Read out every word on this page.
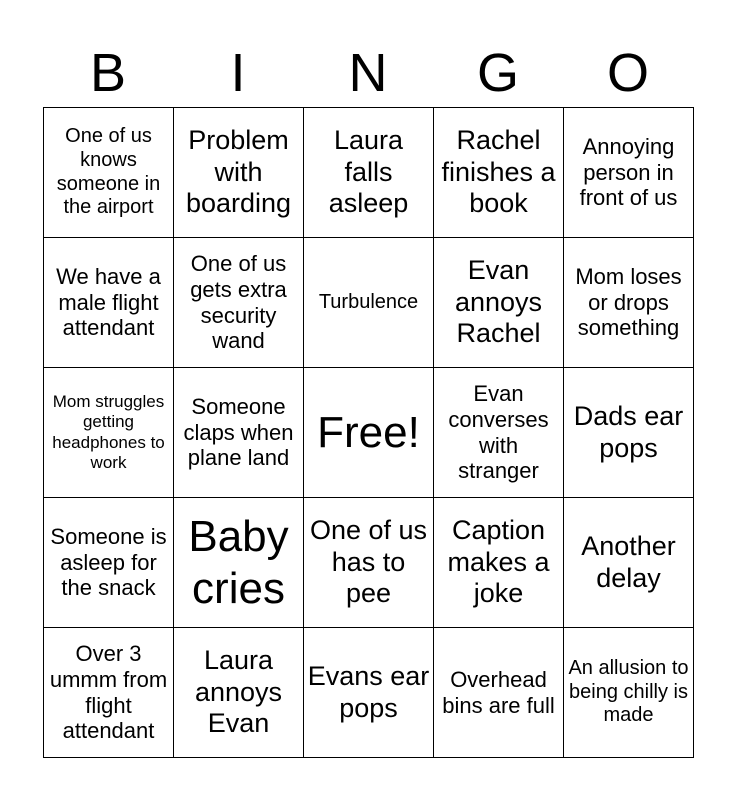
B	I	N	G	O
One of us knows someone in the airport	Problem with boarding	Laura falls asleep	Rachel finishes a book	Annoying person in front of us
We have a male flight attendant	One of us gets extra security wand	Turbulence	Evan annoys Rachel	Mom loses or drops something
Mom struggles getting headphones to work	Someone claps when plane land	Free!	Evan converses with stranger	Dads ear pops
Someone is asleep for the snack	Baby cries	One of us has to pee	Caption makes a joke	Another delay
Over 3 ummm from flight attendant	Laura annoys Evan	Evans ear pops	Overhead bins are full	An allusion to being chilly is made
